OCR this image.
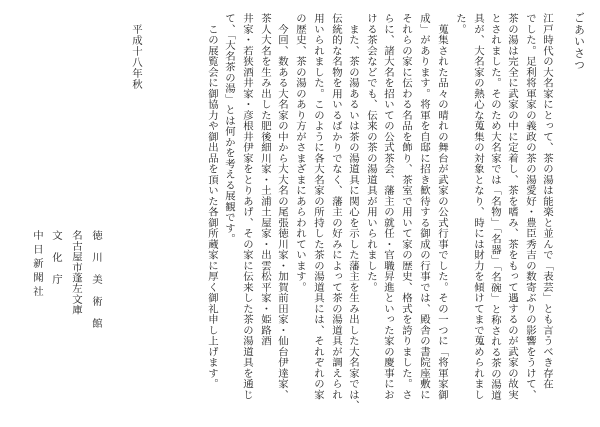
ごあいさつ
江戸時代の大名家にとって、茶の湯は能楽と並んで「表芸」とも言うべき存在
でした。足利将軍家の義政の茶の湯愛好・豊臣秀吉の数寄ぶりの影響をうけて、
茶の湯は完全に武家の中に定着し、茶を嗜み、茶をもって遇するのが武家の故実
とされました。そのため大名家では「名物」「名器」「名碗」と称される茶の湯道
具が、大名家の熱心な蒐集の対象となり、時には財力を傾けてまで蒐められまし
た。
　蒐集された品々の晴れの舞台が武家の公式行事でした。その一つに「将軍家御
成」があります。将軍を自邸に招き歓待する御成の行事では、殿舎の書院座敷に
それらの家に伝わる名品を飾り、茶室で用いて家の歴史、格式を誇りました。さ
らに、諸大名を招いての公式茶会、藩主の就任・官職昇進といった家の慶事にお
ける茶会などでも、伝来の茶の湯道具が用いられました。
　また、茶の湯あるいは茶の湯道具に関心を示した藩主を生み出した大名家では、
伝統的な名物を用いるばかりでなく、藩主の好みによって茶の湯道具が調えられ
用いられました。このように各大名家の所持した茶の湯道具には、それぞれの家
の歴史、茶の湯のあり方がさまざまにあらわれています。
　今回、数ある大名家の中から大大名の尾張徳川家・加賀前田家・仙台伊達家、
茶人大名を生み出した肥後細川家・土浦土屋家・出雲松平家・姫路酒
井家・若狭酒井家・彦根井伊家をとりあげ、その家に伝来した茶の湯道具を通じ
て、「大名茶の湯」とは何かを考える展観です。
　この展覧会に御協力や御出品を頂いた各御所蔵家に厚く御礼申し上げます。
平成十八年秋
徳川美術館
名古屋市蓬左文庫
文化庁
中日新聞社
